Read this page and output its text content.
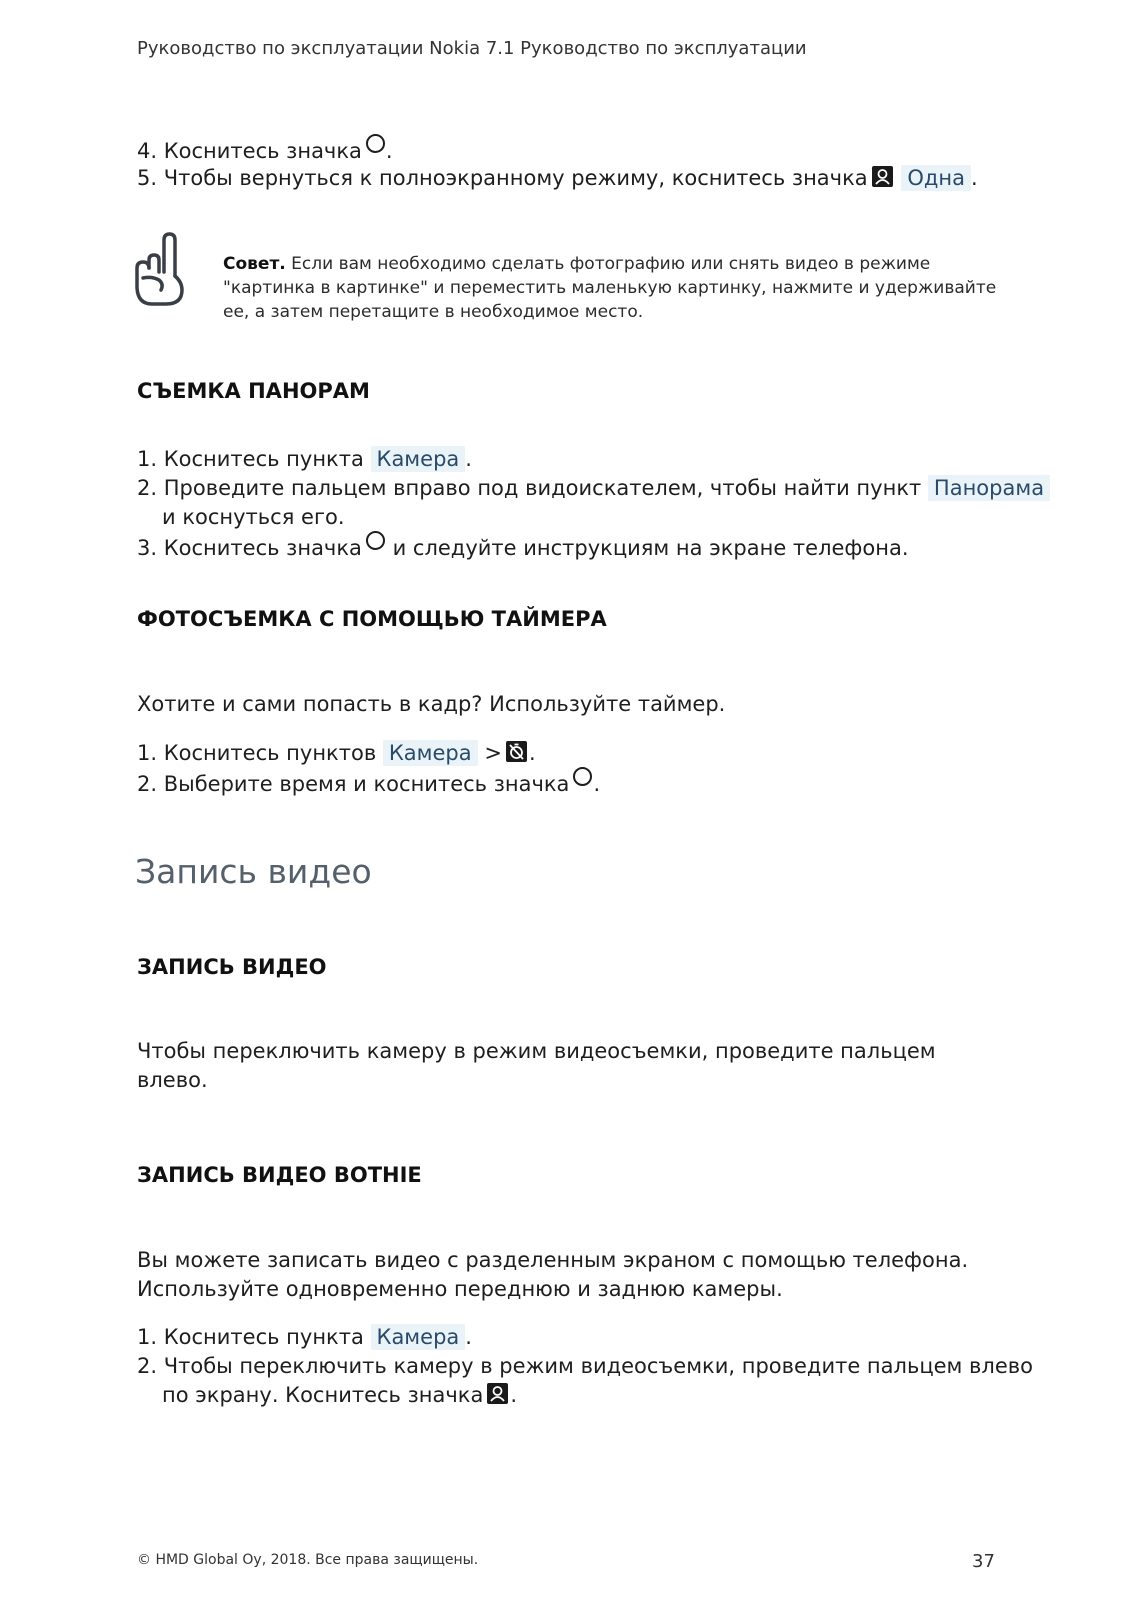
Руководство по эксплуатации Nokia 7.1 Руководство по эксплуатации
4. Коснитесь значка .
5. Чтобы вернуться к полноэкранному режиму, коснитесь значка Одна .
Совет. Если вам необходимо сделать фотографию или снять видео в режиме "картинка в картинке" и переместить маленькую картинку, нажмите и удерживайте ее, а затем перетащите в необходимое место.
СЪЕМКА ПАНОРАМ
1. Коснитесь пункта Камера .
2. Проведите пальцем вправо под видоискателем, чтобы найти пункт Панорама
и коснуться его.
3. Коснитесь значка и следуйте инструкциям на экране телефона.
ФОТОСЪЕМКА С ПОМОЩЬЮ ТАЙМЕРА
Хотите и сами попасть в кадр? Используйте таймер.
1. Коснитесь пунктов Камера > .
2. Выберите время и коснитесь значка .
Запись видео
ЗАПИСЬ ВИДЕО
Чтобы переключить камеру в режим видеосъемки, проведите пальцем
влево.
ЗАПИСЬ ВИДЕО BOTHIE
Вы можете записать видео с разделенным экраном с помощью телефона.
Используйте одновременно переднюю и заднюю камеры.
1. Коснитесь пункта Камера .
2. Чтобы переключить камеру в режим видеосъемки, проведите пальцем влево
по экрану. Коснитесь значка .
© HMD Global Oy, 2018. Все права защищены.	37
